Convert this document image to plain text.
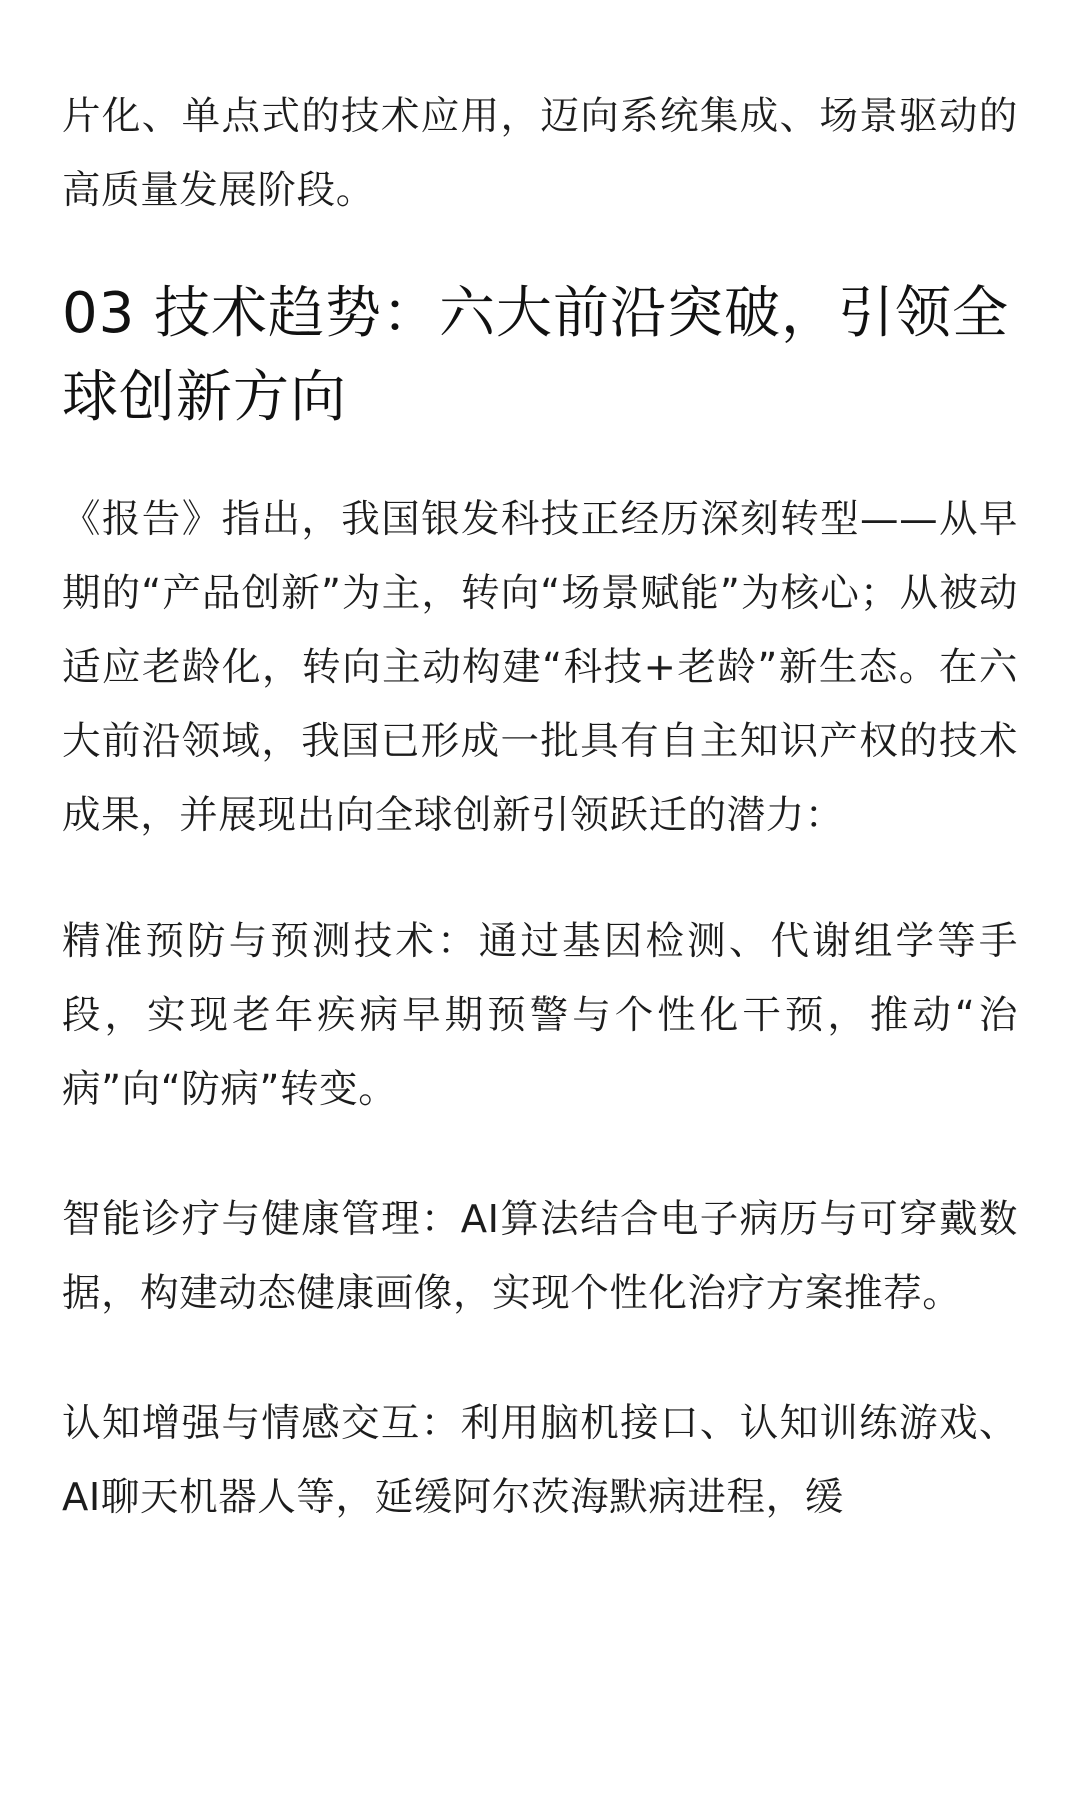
片化、单点式的技术应用，迈向系统集成、场景驱动的高质量发展阶段。

03 技术趋势：六大前沿突破，引领全球创新方向

《报告》指出，我国银发科技正经历深刻转型——从早期的“产品创新”为主，转向“场景赋能”为核心；从被动适应老龄化，转向主动构建“科技+老龄”新生态。在六大前沿领域，我国已形成一批具有自主知识产权的技术成果，并展现出向全球创新引领跃迁的潜力：

精准预防与预测技术：通过基因检测、代谢组学等手段，实现老年疾病早期预警与个性化干预，推动“治病”向“防病”转变。

智能诊疗与健康管理：AI算法结合电子病历与可穿戴数据，构建动态健康画像，实现个性化治疗方案推荐。

认知增强与情感交互：利用脑机接口、认知训练游戏、AI聊天机器人等，延缓阿尔茨海默病进程，缓
